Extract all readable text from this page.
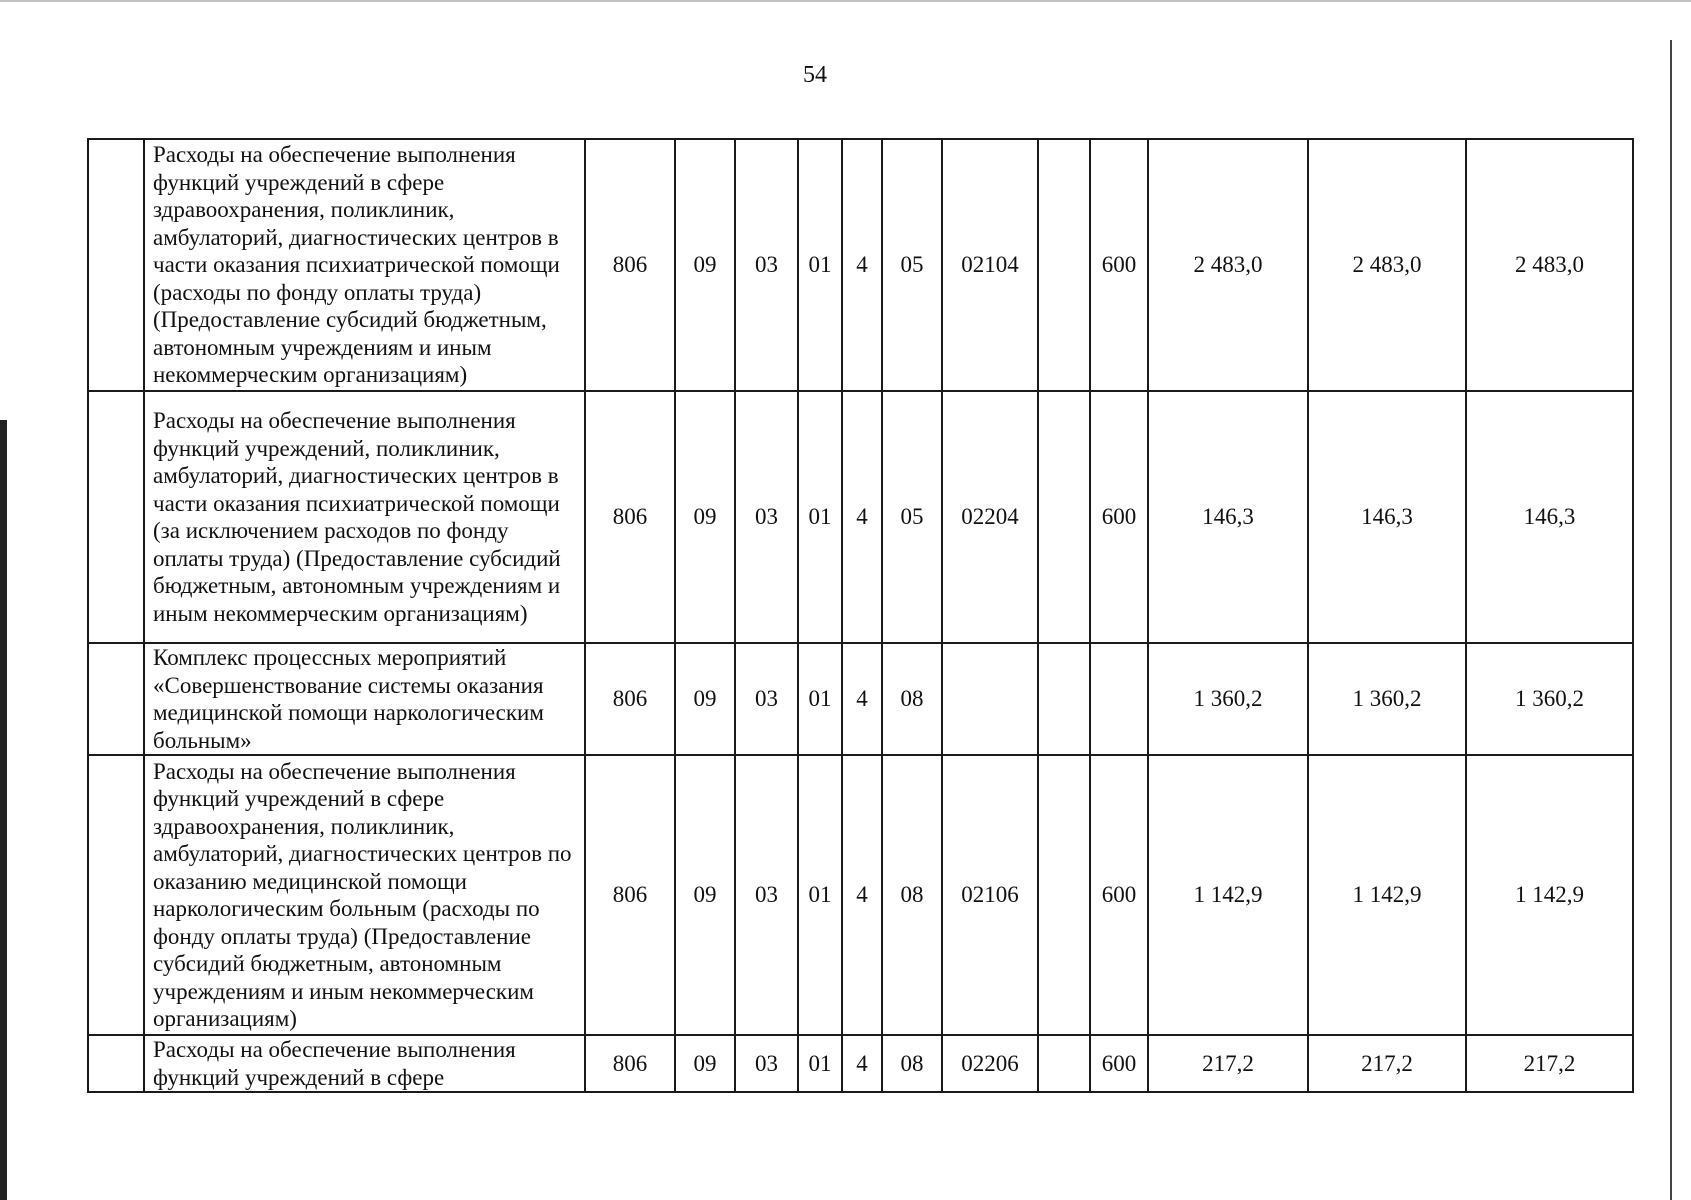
54
	Расходы на обеспечение выполнения функций учреждений в сфере здравоохранения, поликлиник, амбулаторий, диагностических центров в части оказания психиатрической помощи (расходы по фонду оплаты труда) (Предоставление субсидий бюджетным, автономным учреждениям и иным некоммерческим организациям)	806	09	03	01	4	05	02104		600	2 483,0	2 483,0	2 483,0
	Расходы на обеспечение выполнения функций учреждений, поликлиник, амбулаторий, диагностических центров в части оказания психиатрической помощи (за исключением расходов по фонду оплаты труда) (Предоставление субсидий бюджетным, автономным учреждениям и иным некоммерческим организациям)	806	09	03	01	4	05	02204		600	146,3	146,3	146,3
	Комплекс процессных мероприятий «Совершенствование системы оказания медицинской помощи наркологическим больным»	806	09	03	01	4	08				1 360,2	1 360,2	1 360,2
	Расходы на обеспечение выполнения функций учреждений в сфере здравоохранения, поликлиник, амбулаторий, диагностических центров по оказанию медицинской помощи наркологическим больным (расходы по фонду оплаты труда) (Предоставление субсидий бюджетным, автономным учреждениям и иным некоммерческим организациям)	806	09	03	01	4	08	02106		600	1 142,9	1 142,9	1 142,9
	Расходы на обеспечение выполнения функций учреждений в сфере	806	09	03	01	4	08	02206		600	217,2	217,2	217,2
